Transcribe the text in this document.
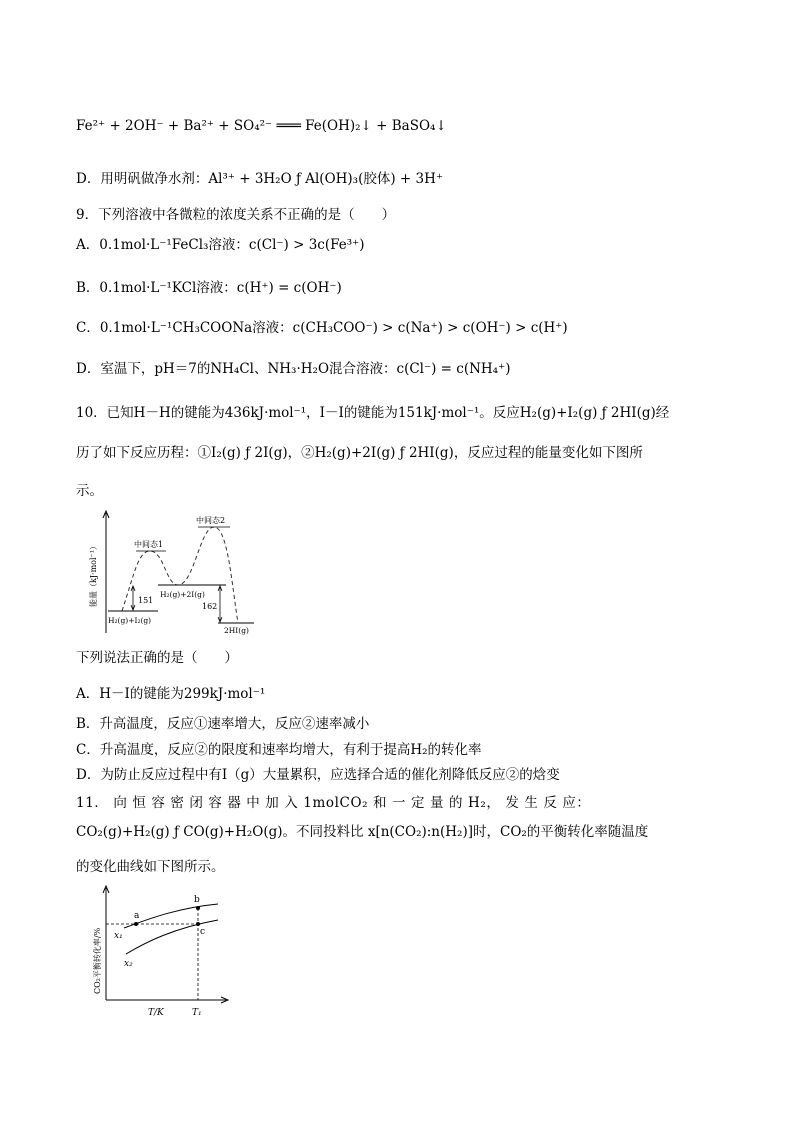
Fe²⁺ + 2OH⁻ + Ba²⁺ + SO₄²⁻ ═══ Fe(OH)₂↓ + BaSO₄↓
D．用明矾做净水剂：Al³⁺ + 3H₂O ƒ Al(OH)₃(胶体) + 3H⁺
9．下列溶液中各微粒的浓度关系不正确的是（　　）
A．0.1mol·L⁻¹FeCl₃溶液：c(Cl⁻) > 3c(Fe³⁺)
B．0.1mol·L⁻¹KCl溶液：c(H⁺) = c(OH⁻)
C．0.1mol·L⁻¹CH₃COONa溶液：c(CH₃COO⁻) > c(Na⁺) > c(OH⁻) > c(H⁺)
D．室温下，pH＝7的NH₄Cl、NH₃·H₂O混合溶液：c(Cl⁻) = c(NH₄⁺)
10．已知H－H的键能为436kJ·mol⁻¹，I－I的键能为151kJ·mol⁻¹。反应H₂(g)+I₂(g) ƒ 2HI(g)经
历了如下反应历程：①I₂(g) ƒ 2I(g)，②H₂(g)+2I(g) ƒ 2HI(g)，反应过程的能量变化如下图所
示。
能量（kJ·mol⁻¹）	151
162
中间态1
中间态2
H₂(g)+I₂(g)
H₂(g)+2I(g)
2HI(g)
下列说法正确的是（　　）
A．H－I的键能为299kJ·mol⁻¹
B．升高温度，反应①速率增大，反应②速率减小
C．升高温度，反应②的限度和速率均增大，有利于提高H₂的转化率
D．为防止反应过程中有I（g）大量累积，应选择合适的催化剂降低反应②的焓变
11． 向 恒 容 密 闭 容 器 中 加 入 1molCO₂ 和 一 定 量 的 H₂， 发 生 反 应：
CO₂(g)+H₂(g) ƒ CO(g)+H₂O(g)。不同投料比 x[n(CO₂):n(H₂)]时，CO₂的平衡转化率随温度
的变化曲线如下图所示。
CO₂平衡转化率/%
T/K	T₁
a
b
c
x₁
x₂
